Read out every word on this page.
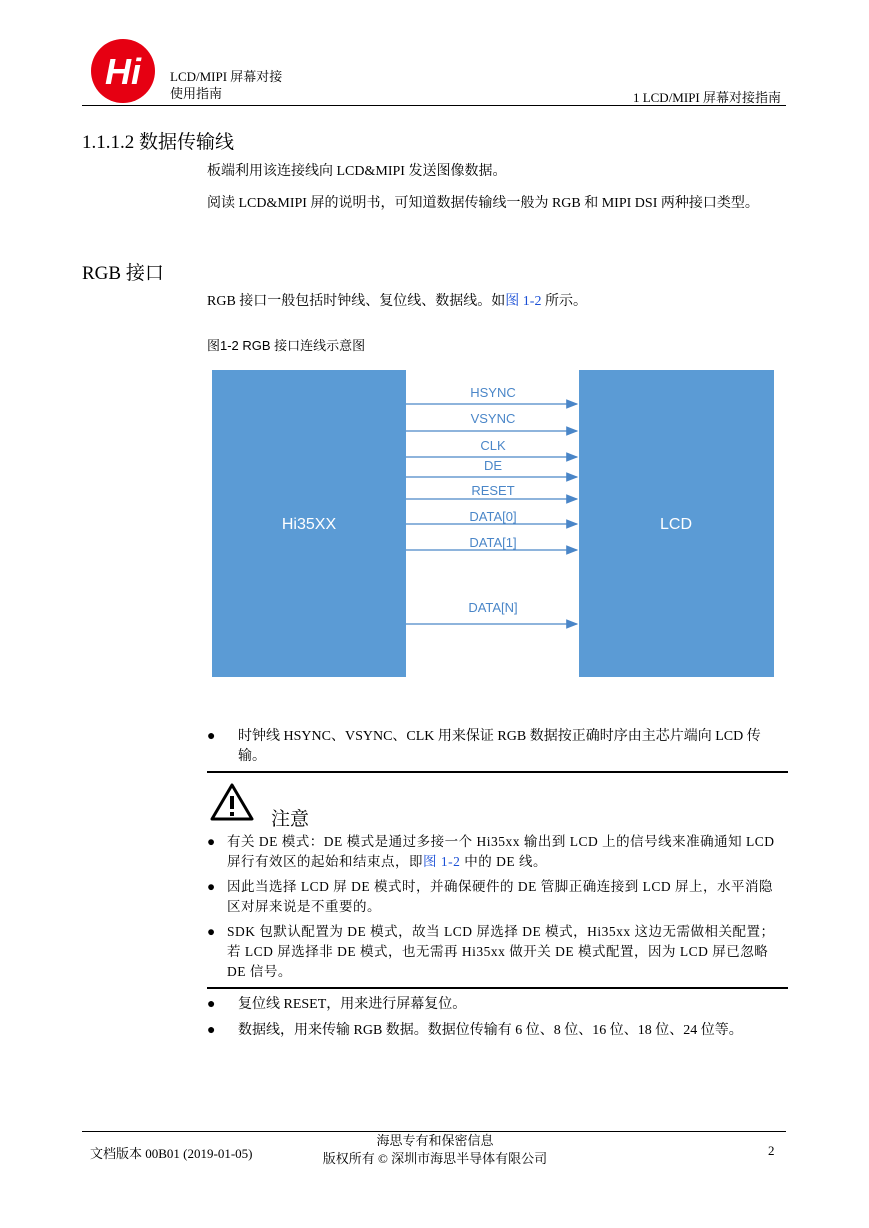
Hi LCD/MIPI 屏幕对接
使用指南	1 LCD/MIPI 屏幕对接指南
1.1.1.2 数据传输线
板端利用该连接线向 LCD&MIPI 发送图像数据。
阅读 LCD&MIPI 屏的说明书，可知道数据传输线一般为 RGB 和 MIPI DSI 两种接口类型。
RGB 接口
RGB 接口一般包括时钟线、复位线、数据线。如图 1-2 所示。
图1-2 RGB 接口连线示意图
Hi35XX	LCD
HSYNC
VSYNC
CLK
DE
RESET
DATA[0]
DATA[1]
DATA[N]
● 时钟线 HSYNC、VSYNC、CLK 用来保证 RGB 数据按正确时序由主芯片端向 LCD 传输。
注意
● 有关 DE 模式：DE 模式是通过多接一个 Hi35xx 输出到 LCD 上的信号线来准确通知 LCD 屏行有效区的起始和结束点，即图 1-2 中的 DE 线。
● 因此当选择 LCD 屏 DE 模式时，并确保硬件的 DE 管脚正确连接到 LCD 屏上，水平消隐区对屏来说是不重要的。
● SDK 包默认配置为 DE 模式，故当 LCD 屏选择 DE 模式，Hi35xx 这边无需做相关配置；若 LCD 屏选择非 DE 模式，也无需再 Hi35xx 做开关 DE 模式配置，因为 LCD 屏已忽略 DE 信号。
● 复位线 RESET，用来进行屏幕复位。
● 数据线，用来传输 RGB 数据。数据位传输有 6 位、8 位、16 位、18 位、24 位等。
文档版本 00B01 (2019-01-05)
海思专有和保密信息
版权所有 © 深圳市海思半导体有限公司
2
